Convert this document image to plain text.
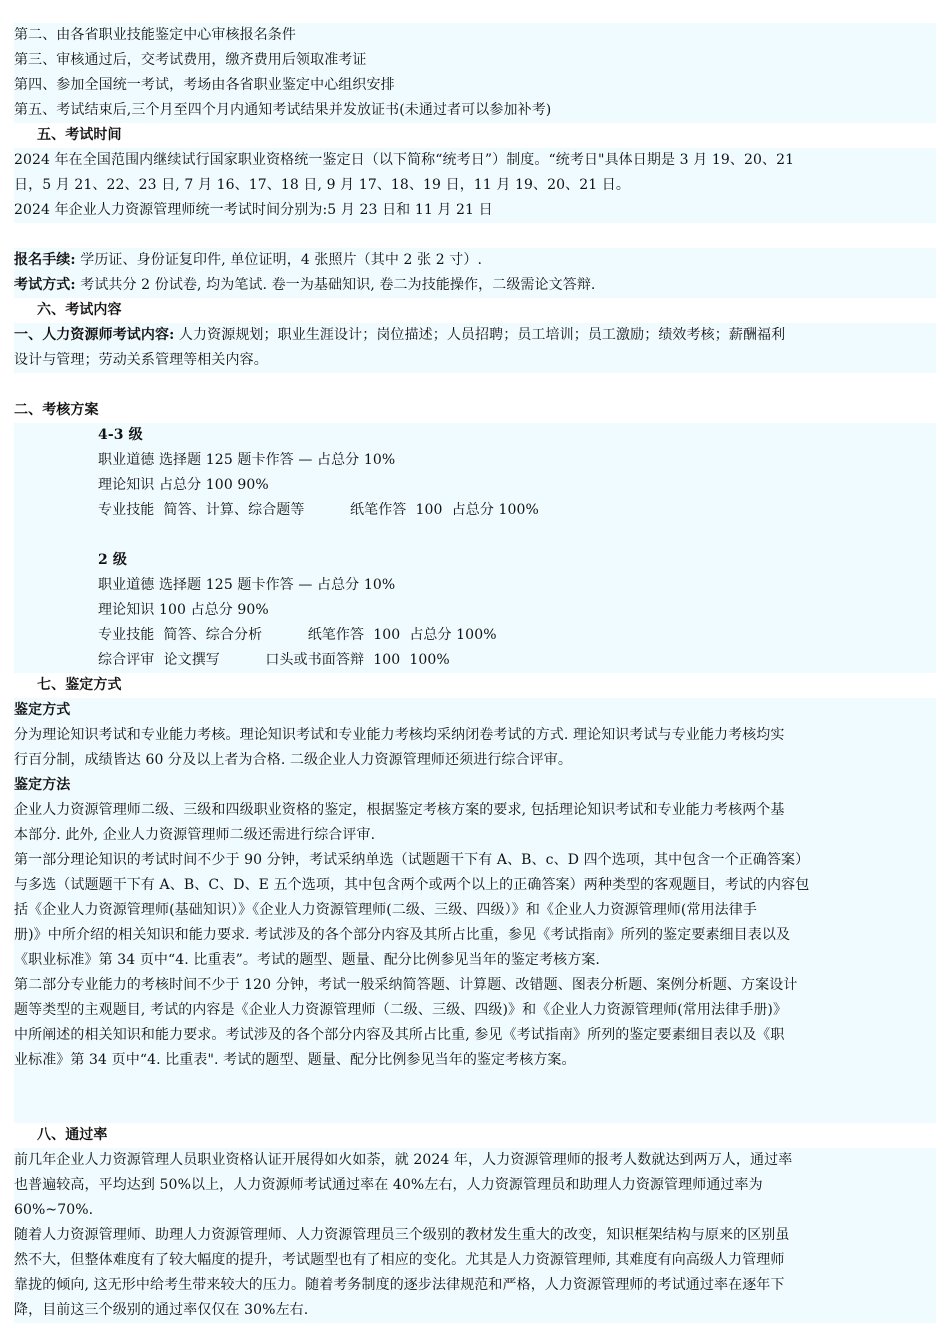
第二、由各省职业技能鉴定中心审核报名条件
第三、审核通过后，交考试费用，缴齐费用后领取准考证
第四、参加全国统一考试，考场由各省职业鉴定中心组织安排
第五、考试结束后,三个月至四个月内通知考试结果并发放证书(未通过者可以参加补考)
五、考试时间
2024 年在全国范围内继续试行国家职业资格统一鉴定日（以下简称“统考日”）制度。“统考日"具体日期是 3 月 19、20、21
日，5 月 21、22、23 日, 7 月 16、17、18 日, 9 月 17、18、19 日，11 月 19、20、21 日。
2024 年企业人力资源管理师统一考试时间分别为:5 月 23 日和 11 月 21 日
报名手续: 学历证、身份证复印件, 单位证明，4 张照片（其中 2 张 2 寸）.
考试方式: 考试共分 2 份试卷, 均为笔试. 卷一为基础知识, 卷二为技能操作，二级需论文答辩.
六、考试内容
一、人力资源师考试内容: 人力资源规划；职业生涯设计；岗位描述；人员招聘；员工培训；员工激励；绩效考核；薪酬福利
设计与管理；劳动关系管理等相关内容。
二、考核方案
4-3 级
职业道德 选择题 125 题卡作答 — 占总分 10%
理论知识 占总分 100 90%
专业技能  简答、计算、综合题等          纸笔作答  100  占总分 100%
2 级
职业道德 选择题 125 题卡作答 — 占总分 10%
理论知识 100 占总分 90%
专业技能  简答、综合分析          纸笔作答  100  占总分 100%
综合评审  论文撰写          口头或书面答辩  100  100%
七、鉴定方式
鉴定方式
分为理论知识考试和专业能力考核。理论知识考试和专业能力考核均采纳闭卷考试的方式. 理论知识考试与专业能力考核均实
行百分制，成绩皆达 60 分及以上者为合格. 二级企业人力资源管理师还须进行综合评审。
鉴定方法
企业人力资源管理师二级、三级和四级职业资格的鉴定，根据鉴定考核方案的要求, 包括理论知识考试和专业能力考核两个基
本部分. 此外, 企业人力资源管理师二级还需进行综合评审.
第一部分理论知识的考试时间不少于 90 分钟，考试采纳单选（试题题干下有 A、B、c、D 四个选项，其中包含一个正确答案）
与多选（试题题干下有 A、B、C、D、E 五个选项，其中包含两个或两个以上的正确答案）两种类型的客观题目，考试的内容包
括《企业人力资源管理师(基础知识）》《企业人力资源管理师(二级、三级、四级）》和《企业人力资源管理师(常用法律手
册)》中所介绍的相关知识和能力要求. 考试涉及的各个部分内容及其所占比重，参见《考试指南》所列的鉴定要素细目表以及
《职业标准》第 34 页中“4. 比重表”。考试的题型、题量、配分比例参见当年的鉴定考核方案.
第二部分专业能力的考核时间不少于 120 分钟，考试一般采纳简答题、计算题、改错题、图表分析题、案例分析题、方案设计
题等类型的主观题目, 考试的内容是《企业人力资源管理师（二级、三级、四级)》和《企业人力资源管理师(常用法律手册)》
中所阐述的相关知识和能力要求。考试涉及的各个部分内容及其所占比重, 参见《考试指南》所列的鉴定要素细目表以及《职
业标准》第 34 页中“4. 比重表". 考试的题型、题量、配分比例参见当年的鉴定考核方案。
八、通过率
前几年企业人力资源管理人员职业资格认证开展得如火如荼，就 2024 年，人力资源管理师的报考人数就达到两万人，通过率
也普遍较高，平均达到 50%以上，人力资源师考试通过率在 40%左右，人力资源管理员和助理人力资源管理师通过率为
60%~70%.
随着人力资源管理师、助理人力资源管理师、人力资源管理员三个级别的教材发生重大的改变，知识框架结构与原来的区别虽
然不大，但整体难度有了较大幅度的提升，考试题型也有了相应的变化。尤其是人力资源管理师, 其难度有向高级人力管理师
靠拢的倾向, 这无形中给考生带来较大的压力。随着考务制度的逐步法律规范和严格，人力资源管理师的考试通过率在逐年下
降，目前这三个级别的通过率仅仅在 30%左右.
